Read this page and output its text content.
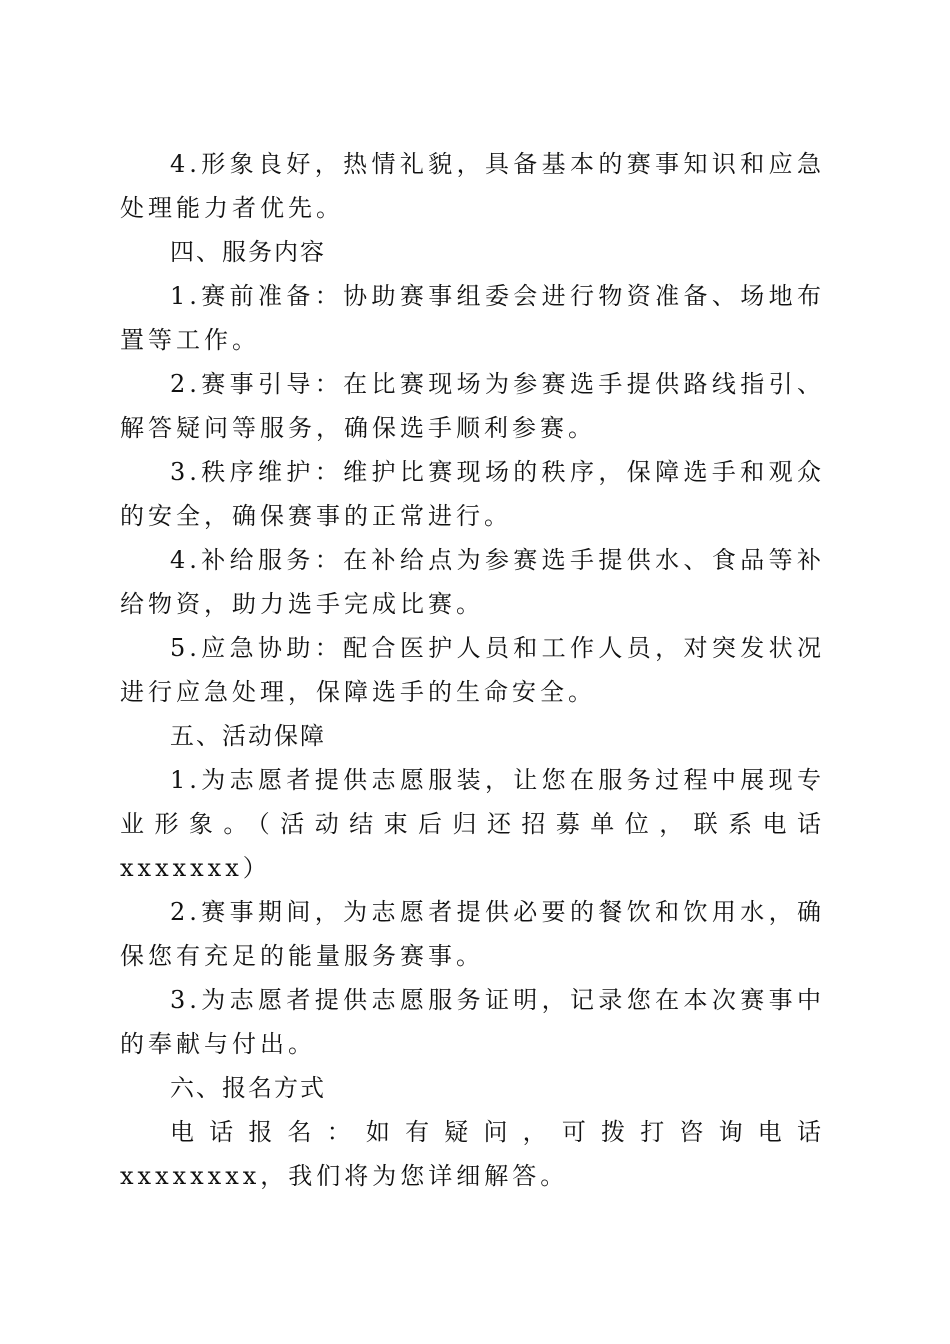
4.形象良好，热情礼貌，具备基本的赛事知识和应急处理能力者优先。

四、服务内容

1.赛前准备：协助赛事组委会进行物资准备、场地布置等工作。

2.赛事引导：在比赛现场为参赛选手提供路线指引、解答疑问等服务，确保选手顺利参赛。

3.秩序维护：维护比赛现场的秩序，保障选手和观众的安全，确保赛事的正常进行。

4.补给服务：在补给点为参赛选手提供水、食品等补给物资，助力选手完成比赛。

5.应急协助：配合医护人员和工作人员，对突发状况进行应急处理，保障选手的生命安全。

五、活动保障

1.为志愿者提供志愿服装，让您在服务过程中展现专业形象。（活动结束后归还招募单位，联系电话 xxxxxxx）

2.赛事期间，为志愿者提供必要的餐饮和饮用水，确保您有充足的能量服务赛事。

3.为志愿者提供志愿服务证明，记录您在本次赛事中的奉献与付出。

六、报名方式

电话报名：如有疑问，可拨打咨询电话 xxxxxxxx，我们将为您详细解答。
